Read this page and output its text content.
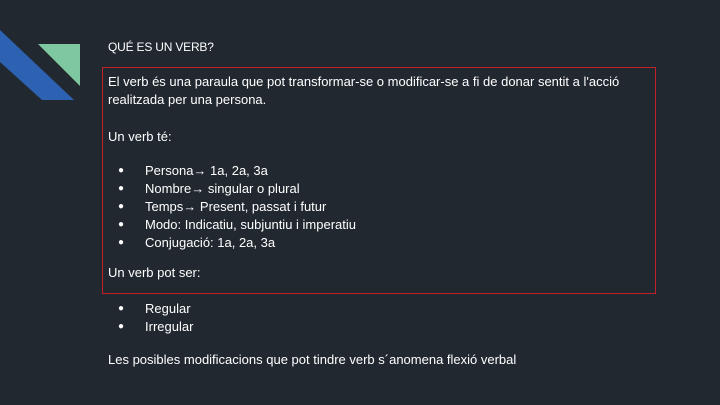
QUÉ ES UN VERB?
El verb és una paraula que pot transformar-se o modificar-se a fi de donar sentit a l'acció realitzada per una persona.
Un verb té:
● Persona→ 1a, 2a, 3a
● Nombre→ singular o plural
● Temps→ Present, passat i futur
● Modo: Indicatiu, subjuntiu i imperatiu
● Conjugació: 1a, 2a, 3a
Un verb pot ser:
● Regular
● Irregular
Les posibles modificacions que pot tindre verb s´anomena flexió verbal
